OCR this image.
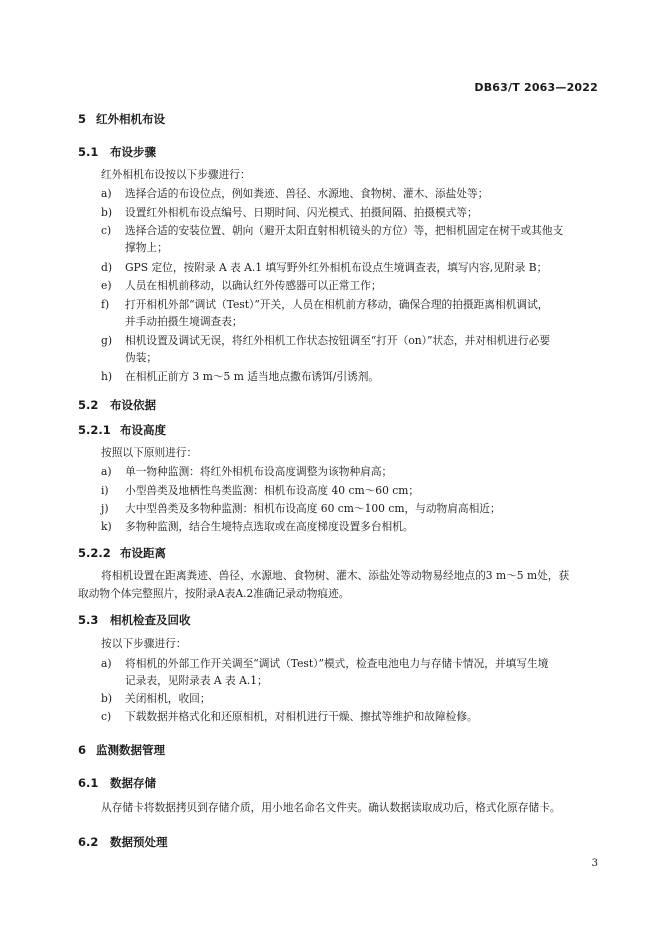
DB63/T 2063—2022
5 红外相机布设
5.1 布设步骤
红外相机布设按以下步骤进行：
a) 选择合适的布设位点，例如粪迹、兽径、水源地、食物树、灌木、添盐处等；
b) 设置红外相机布设点编号、日期时间、闪光模式、拍摄间隔、拍摄模式等；
c) 选择合适的安装位置、朝向（避开太阳直射相机镜头的方位）等，把相机固定在树干或其他支
撑物上；
d) GPS 定位，按附录 A 表 A.1 填写野外红外相机布设点生境调查表，填写内容,见附录 B；
e) 人员在相机前移动，以确认红外传感器可以正常工作；
f) 打开相机外部“调试（Test）”开关，人员在相机前方移动，确保合理的拍摄距离相机调试，
并手动拍摄生境调查表；
g) 相机设置及调试无误，将红外相机工作状态按钮调至“打开（on）”状态，并对相机进行必要
伪装；
h) 在相机正前方 3 m～5 m 适当地点撒布诱饵/引诱剂。
5.2 布设依据
5.2.1 布设高度
按照以下原则进行：
a) 单一物种监测：将红外相机布设高度调整为该物种肩高；
i) 小型兽类及地栖性鸟类监测：相机布设高度 40 cm～60 cm；
j) 大中型兽类及多物种监测：相机布设高度 60 cm～100 cm，与动物肩高相近；
k) 多物种监测，结合生境特点选取或在高度梯度设置多台相机。
5.2.2 布设距离
将相机设置在距离粪迹、兽径、水源地、食物树、灌木、添盐处等动物易经地点的3 m～5 m处，获
取动物个体完整照片，按附录A表A.2准确记录动物痕迹。
5.3 相机检查及回收
按以下步骤进行：
a) 将相机的外部工作开关调至“调试（Test）”模式，检查电池电力与存储卡情况，并填写生境
记录表，见附录表 A 表 A.1；
b) 关闭相机，收回；
c) 下载数据并格式化和还原相机，对相机进行干燥、擦拭等维护和故障检修。
6 监测数据管理
6.1 数据存储
从存储卡将数据拷贝到存储介质，用小地名命名文件夹。确认数据读取成功后，格式化原存储卡。
6.2 数据预处理
3
